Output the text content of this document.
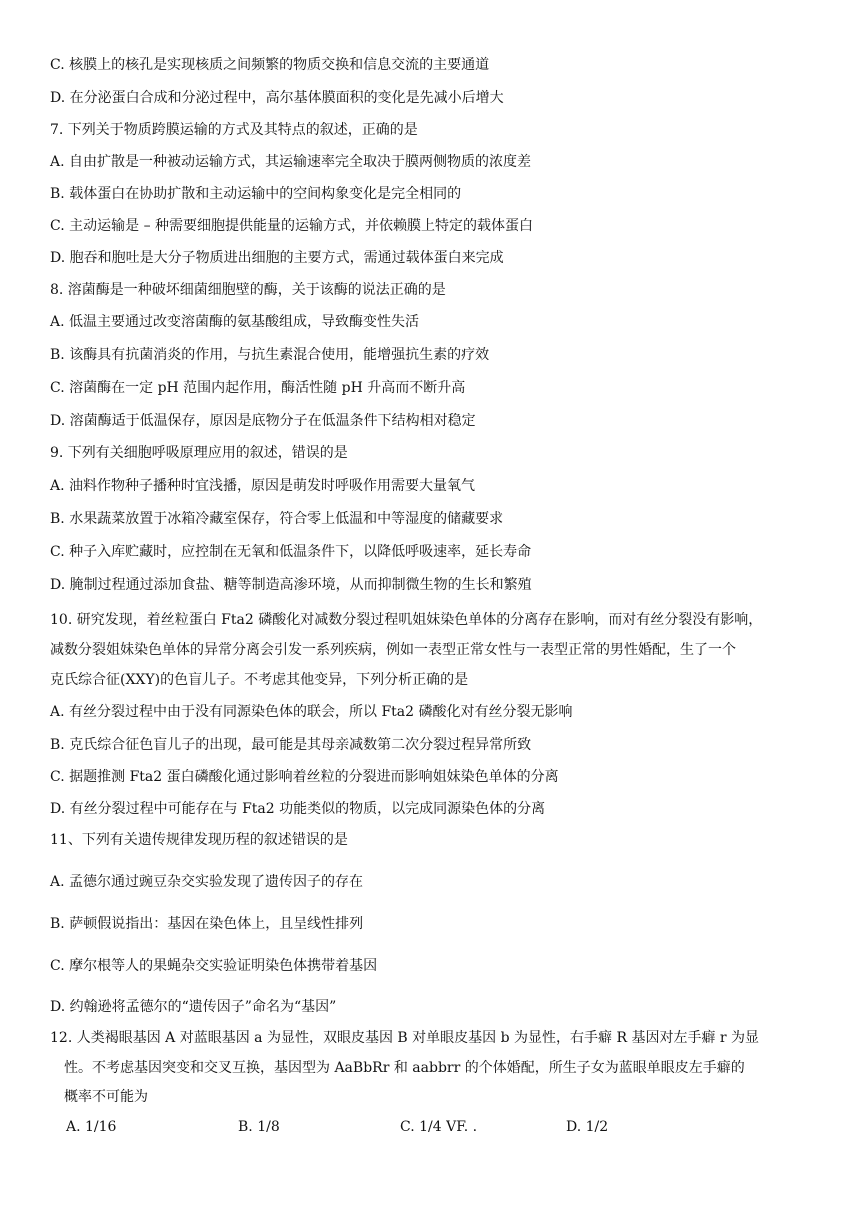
C. 核膜上的核孔是实现核质之间频繁的物质交换和信息交流的主要通道
D. 在分泌蛋白合成和分泌过程中，高尔基体膜面积的变化是先减小后增大
7. 下列关于物质跨膜运输的方式及其特点的叙述，正确的是
A. 自由扩散是一种被动运输方式，其运输速率完全取决于膜两侧物质的浓度差
B. 载体蛋白在协助扩散和主动运输中的空间构象变化是完全相同的
C. 主动运输是 – 种需要细胞提供能量的运输方式，并依赖膜上特定的载体蛋白
D. 胞吞和胞吐是大分子物质进出细胞的主要方式，需通过载体蛋白来完成
8. 溶菌酶是一种破坏细菌细胞壁的酶，关于该酶的说法正确的是
A. 低温主要通过改变溶菌酶的氨基酸组成，导致酶变性失活
B. 该酶具有抗菌消炎的作用，与抗生素混合使用，能增强抗生素的疗效
C. 溶菌酶在一定 pH 范围内起作用，酶活性随 pH 升高而不断升高
D. 溶菌酶适于低温保存，原因是底物分子在低温条件下结构相对稳定
9. 下列有关细胞呼吸原理应用的叙述，错误的是
A. 油料作物种子播种时宜浅播，原因是萌发时呼吸作用需要大量氧气
B. 水果蔬菜放置于冰箱冷藏室保存，符合零上低温和中等湿度的储藏要求
C. 种子入库贮藏时，应控制在无氧和低温条件下，以降低呼吸速率，延长寿命
D. 腌制过程通过添加食盐、糖等制造高渗环境，从而抑制微生物的生长和繁殖
10. 研究发现，着丝粒蛋白 Fta2 磷酸化对减数分裂过程叽姐妹染色单体的分离存在影响，而对有丝分裂没有影响，
减数分裂姐妹染色单体的异常分离会引发一系列疾病，例如一表型正常女性与一表型正常的男性婚配，生了一个
克氏综合征(XXY)的色盲儿子。不考虑其他变异，下列分析正确的是
A. 有丝分裂过程中由于没有同源染色体的联会，所以 Fta2 磷酸化对有丝分裂无影响
B. 克氏综合征色盲儿子的出现，最可能是其母亲减数第二次分裂过程异常所致
C. 据题推测 Fta2 蛋白磷酸化通过影响着丝粒的分裂进而影响姐妹染色单体的分离
D. 有丝分裂过程中可能存在与 Fta2 功能类似的物质，以完成同源染色体的分离
11、下列有关遗传规律发现历程的叙述错误的是
A. 孟德尔通过豌豆杂交实验发现了遗传因子的存在
B. 萨顿假说指出：基因在染色体上，且呈线性排列
C. 摩尔根等人的果蝇杂交实验证明染色体携带着基因
D. 约翰逊将孟德尔的“遗传因子”命名为“基因”
12. 人类褐眼基因 A 对蓝眼基因 a 为显性，双眼皮基因 B 对单眼皮基因 b 为显性，右手癖 R 基因对左手癖 r 为显
性。不考虑基因突变和交叉互换，基因型为 AaBbRr 和 aabbrr 的个体婚配，所生子女为蓝眼单眼皮左手癖的
概率不可能为
A. 1/16	B. 1/8	C. 1/4 VF. .	D. 1/2
